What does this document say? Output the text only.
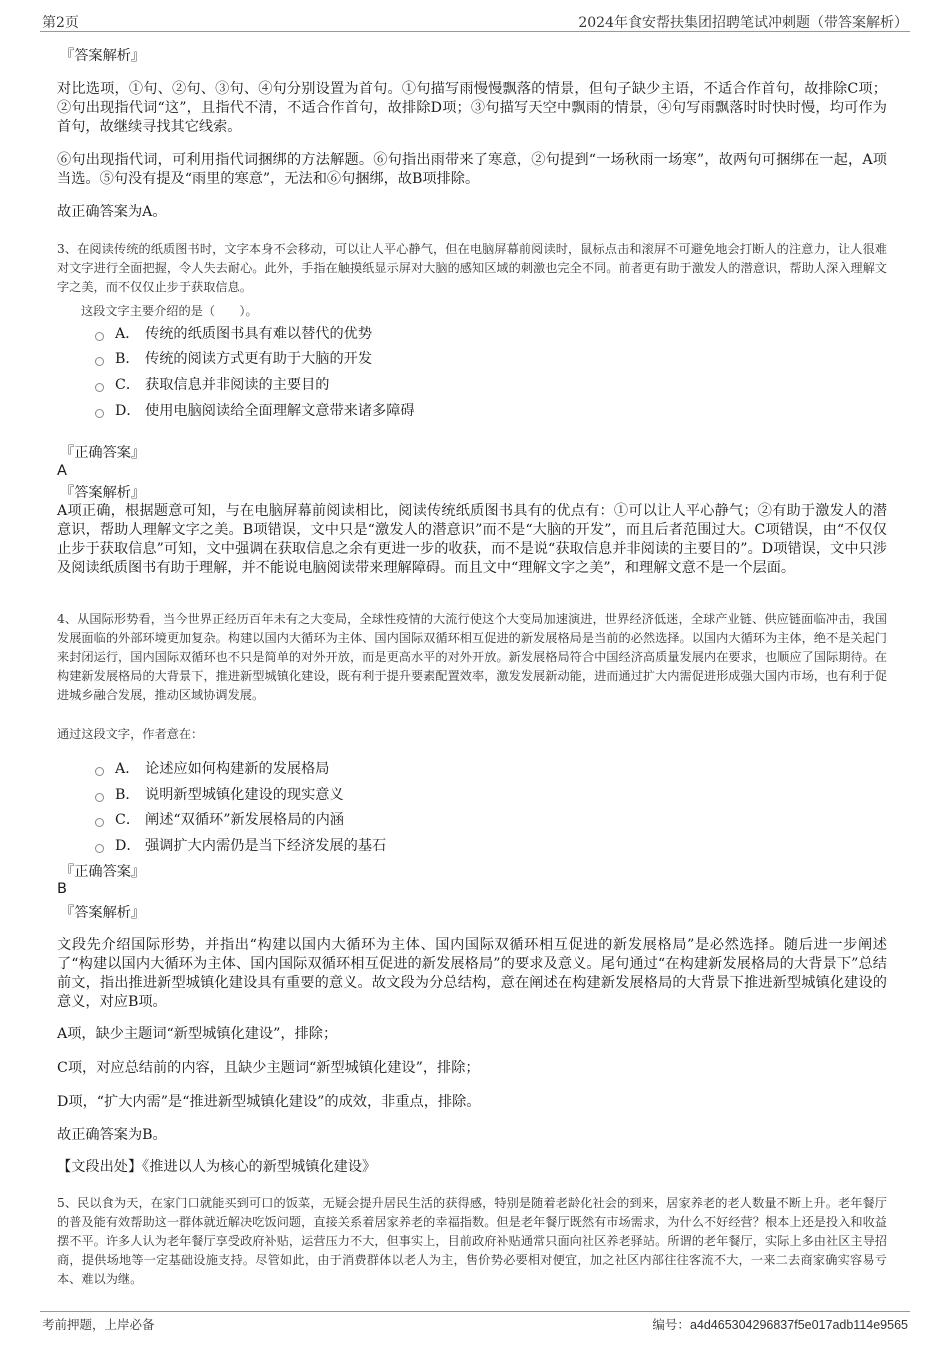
第2页	2024年食安帮扶集团招聘笔试冲刺题（带答案解析）
『答案解析』
对比选项，①句、②句、③句、④句分别设置为首句。①句描写雨慢慢飘落的情景，但句子缺少主语，不适合作首句，故排除C项；②句出现指代词“这”，且指代不清，不适合作首句，故排除D项；③句描写天空中飘雨的情景，④句写雨飘落时时快时慢，均可作为首句，故继续寻找其它线索。
⑥句出现指代词，可利用指代词捆绑的方法解题。⑥句指出雨带来了寒意，②句提到“一场秋雨一场寒”，故两句可捆绑在一起，A项当选。⑤句没有提及“雨里的寒意”，无法和⑥句捆绑，故B项排除。
故正确答案为A。
3、在阅读传统的纸质图书时，文字本身不会移动，可以让人平心静气，但在电脑屏幕前阅读时，鼠标点击和滚屏不可避免地会打断人的注意力，让人很难对文字进行全面把握，令人失去耐心。此外，手指在触摸纸显示屏对大脑的感知区域的刺激也完全不同。前者更有助于激发人的潜意识，帮助人深入理解文字之美，而不仅仅止步于获取信息。
这段文字主要介绍的是（　　）。
A． 传统的纸质图书具有难以替代的优势
B． 传统的阅读方式更有助于大脑的开发
C． 获取信息并非阅读的主要目的
D． 使用电脑阅读给全面理解文意带来诸多障碍
『正确答案』
A
『答案解析』
A项正确，根据题意可知，与在电脑屏幕前阅读相比，阅读传统纸质图书具有的优点有：①可以让人平心静气；②有助于激发人的潜意识，帮助人理解文字之美。B项错误，文中只是“激发人的潜意识”而不是“大脑的开发”，而且后者范围过大。C项错误，由“不仅仅止步于获取信息”可知，文中强调在获取信息之余有更进一步的收获，而不是说“获取信息并非阅读的主要目的”。D项错误，文中只涉及阅读纸质图书有助于理解，并不能说电脑阅读带来理解障碍。而且文中“理解文字之美”，和理解文意不是一个层面。
4、从国际形势看，当今世界正经历百年未有之大变局，全球性疫情的大流行使这个大变局加速演进，世界经济低迷，全球产业链、供应链面临冲击，我国发展面临的外部环境更加复杂。构建以国内大循环为主体、国内国际双循环相互促进的新发展格局是当前的必然选择。以国内大循环为主体，绝不是关起门来封闭运行，国内国际双循环也不只是简单的对外开放，而是更高水平的对外开放。新发展格局符合中国经济高质量发展内在要求，也顺应了国际期待。在构建新发展格局的大背景下，推进新型城镇化建设，既有利于提升要素配置效率，激发发展新动能，进而通过扩大内需促进形成强大国内市场，也有利于促进城乡融合发展，推动区域协调发展。
通过这段文字，作者意在：
A． 论述应如何构建新的发展格局
B． 说明新型城镇化建设的现实意义
C． 阐述“双循环”新发展格局的内涵
D． 强调扩大内需仍是当下经济发展的基石
『正确答案』
B
『答案解析』
文段先介绍国际形势，并指出“构建以国内大循环为主体、国内国际双循环相互促进的新发展格局”是必然选择。随后进一步阐述了“构建以国内大循环为主体、国内国际双循环相互促进的新发展格局”的要求及意义。尾句通过“在构建新发展格局的大背景下”总结前文，指出推进新型城镇化建设具有重要的意义。故文段为分总结构，意在阐述在构建新发展格局的大背景下推进新型城镇化建设的意义，对应B项。
A项，缺少主题词“新型城镇化建设”，排除；
C项，对应总结前的内容，且缺少主题词“新型城镇化建设”，排除；
D项，“扩大内需”是“推进新型城镇化建设”的成效，非重点，排除。
故正确答案为B。
【文段出处】《推进以人为核心的新型城镇化建设》
5、民以食为天，在家门口就能买到可口的饭菜，无疑会提升居民生活的获得感，特别是随着老龄化社会的到来，居家养老的老人数量不断上升。老年餐厅的普及能有效帮助这一群体就近解决吃饭问题，直接关系着居家养老的幸福指数。但是老年餐厅既然有市场需求，为什么不好经营？根本上还是投入和收益摆不平。许多人认为老年餐厅享受政府补贴，运营压力不大，但事实上，目前政府补贴通常只面向社区养老驿站。所谓的老年餐厅，实际上多由社区主导招商，提供场地等一定基础设施支持。尽管如此，由于消费群体以老人为主，售价势必要相对便宜，加之社区内部往往客流不大，一来二去商家确实容易亏本、难以为继。
考前押题，上岸必备	编号：a4d465304296837f5e017adb114e9565
